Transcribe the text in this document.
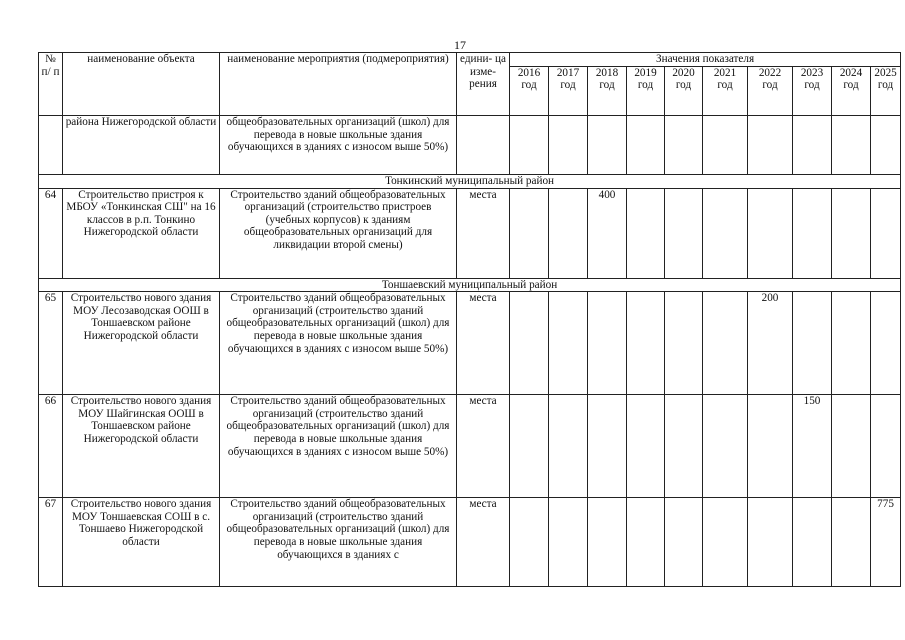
17
№ п/ п	наименование объекта	наименование мероприятия (подмероприятия)	едини- ца изме- рения	Значения показателя									
				2016 год	2017 год	2018 год	2019 год	2020 год	2021 год	2022 год	2023 год	2024 год	2025 год
	района Нижегородской области	общеобразовательных организаций (школ) для перевода в новые школьные здания обучающихся в зданиях с износом выше 50%)											
Тонкинский муниципальный район													
64	Строительство пристроя к МБОУ «Тонкинская СШ" на 16 классов в р.п. Тонкино Нижегородской области	Строительство зданий общеобразовательных организаций (строительство пристроев (учебных корпусов) к зданиям общеобразовательных организаций для ликвидации второй смены)	места			400							
Тоншаевский муниципальный район													
65	Строительство нового здания МОУ Лесозаводская ООШ в Тоншаевском районе Нижегородской области	Строительство зданий общеобразовательных организаций (строительство зданий общеобразовательных организаций (школ) для перевода в новые школьные здания обучающихся в зданиях с износом выше 50%)	места							200			
66	Строительство нового здания МОУ Шайгинская ООШ в Тоншаевском районе Нижегородской области	Строительство зданий общеобразовательных организаций (строительство зданий общеобразовательных организаций (школ) для перевода в новые школьные здания обучающихся в зданиях с износом выше 50%)	места								150		
67	Строительство нового здания МОУ Тоншаевская СОШ в с. Тоншаево Нижегородской области	Строительство зданий общеобразовательных организаций (строительство зданий общеобразовательных организаций (школ) для перевода в новые школьные здания обучающихся в зданиях с	места										775
